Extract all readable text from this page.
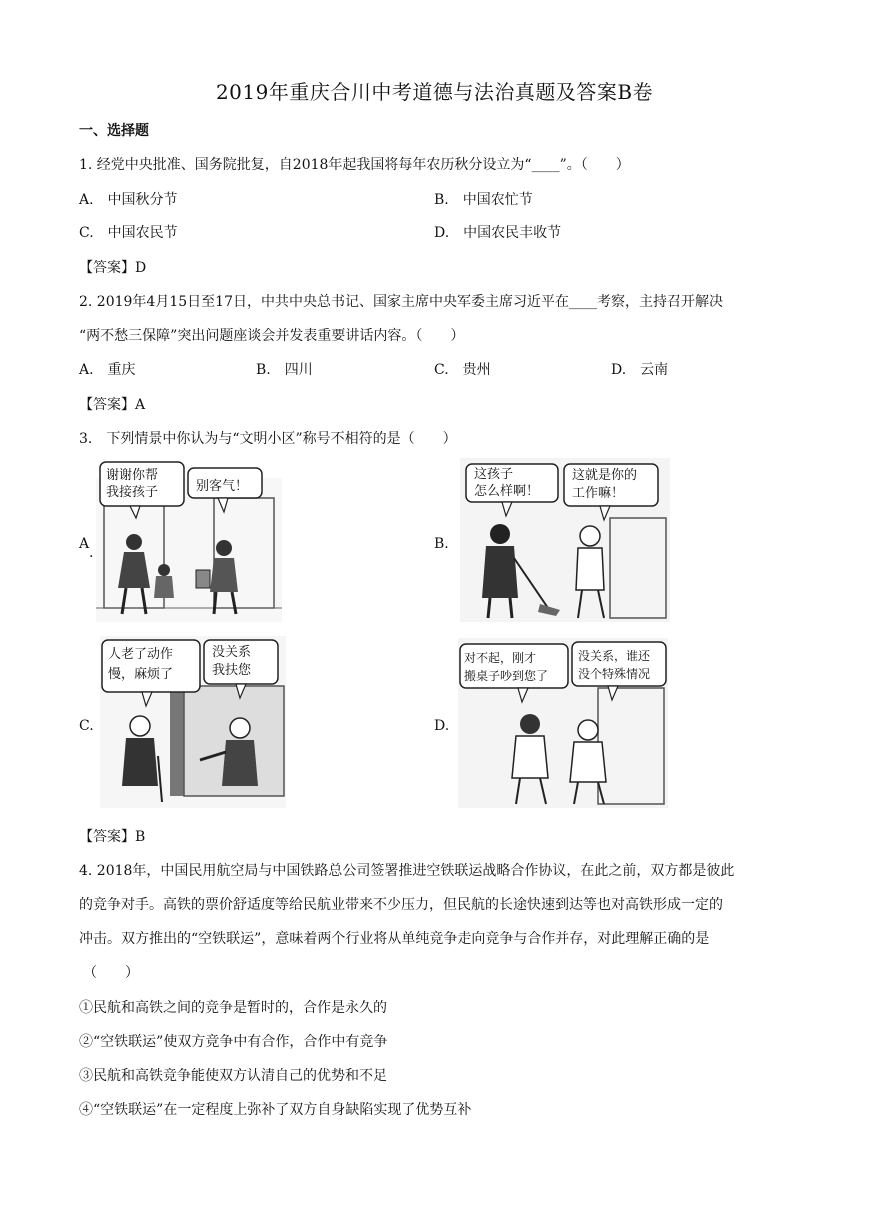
2019年重庆合川中考道德与法治真题及答案B卷
一、选择题
1. 经党中央批准、国务院批复，自2018年起我国将每年农历秋分设立为“____”。（　　）
A.　中国秋分节	B.　中国农忙节
C.　中国农民节	D.　中国农民丰收节
【答案】D
2. 2019年4月15日至17日，中共中央总书记、国家主席中央军委主席习近平在____考察，主持召开解决
“两不愁三保障”突出问题座谈会并发表重要讲话内容。（　　）
A.　重庆	B.　四川	C.　贵州	D.　云南
【答案】A
3.　下列情景中你认为与“文明小区”称号不相符的是（　　）
A
.
B.
C.	D.
谢谢你帮
我接孩子	别客气！
这孩子
怎么样啊！
这就是你的
工作嘛！
人老了动作
慢，麻烦了
没关系
我扶您
对不起，刚才
搬桌子吵到您了
没关系，谁还
没个特殊情况
【答案】B
4. 2018年，中国民用航空局与中国铁路总公司签署推进空铁联运战略合作协议，在此之前，双方都是彼此
的竞争对手。高铁的票价舒适度等给民航业带来不少压力，但民航的长途快速到达等也对高铁形成一定的
冲击。双方推出的“空铁联运”，意味着两个行业将从单纯竞争走向竞争与合作并存，对此理解正确的是
（　　）
①民航和高铁之间的竞争是暂时的，合作是永久的
②“空铁联运”使双方竞争中有合作，合作中有竞争
③民航和高铁竞争能使双方认清自己的优势和不足
④“空铁联运”在一定程度上弥补了双方自身缺陷实现了优势互补
